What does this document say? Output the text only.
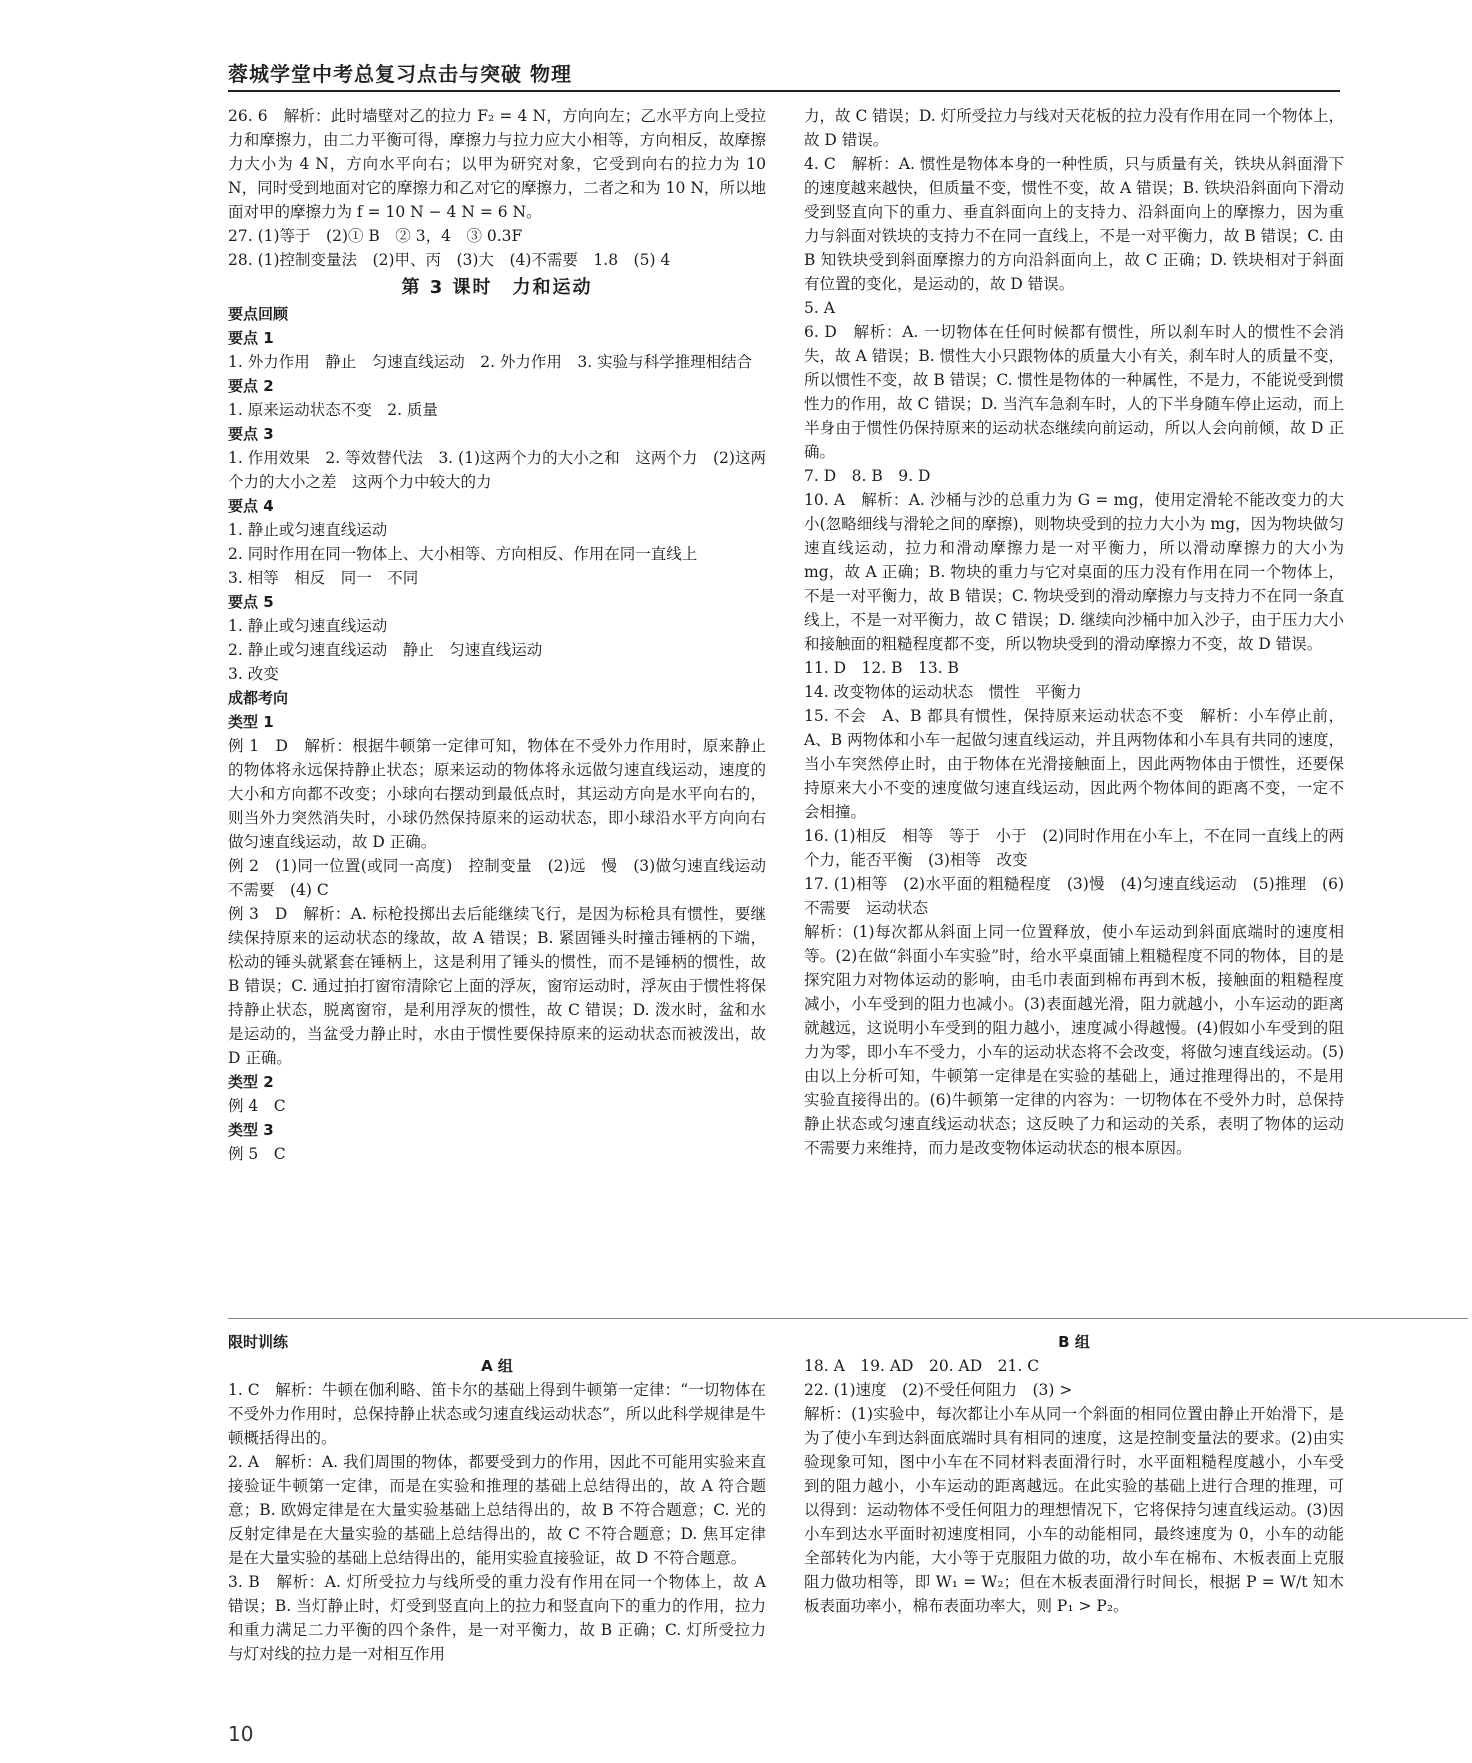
蓉城学堂中考总复习点击与突破 物理

26. 6　解析：此时墙壁对乙的拉力 F₂ = 4 N，方向向左；乙水平方向上受拉力和摩擦力，由二力平衡可得，摩擦力与拉力应大小相等，方向相反，故摩擦力大小为 4 N，方向水平向右；以甲为研究对象，它受到向右的拉力为 10 N，同时受到地面对它的摩擦力和乙对它的摩擦力，二者之和为 10 N，所以地面对甲的摩擦力为 f = 10 N − 4 N = 6 N。

27. (1)等于　(2)① B　② 3，4　③ 0.3F

28. (1)控制变量法　(2)甲、丙　(3)大　(4)不需要　1.8　(5) 4

第 3 课时　力和运动

要点回顾

要点 1

1. 外力作用　静止　匀速直线运动　2. 外力作用　3. 实验与科学推理相结合

要点 2

1. 原来运动状态不变　2. 质量

要点 3

1. 作用效果　2. 等效替代法　3. (1)这两个力的大小之和　这两个力　(2)这两个力的大小之差　这两个力中较大的力

要点 4

1. 静止或匀速直线运动

2. 同时作用在同一物体上、大小相等、方向相反、作用在同一直线上

3. 相等　相反　同一　不同

要点 5

1. 静止或匀速直线运动

2. 静止或匀速直线运动　静止　匀速直线运动

3. 改变

成都考向

类型 1

例 1　D　解析：根据牛顿第一定律可知，物体在不受外力作用时，原来静止的物体将永远保持静止状态；原来运动的物体将永远做匀速直线运动，速度的大小和方向都不改变；小球向右摆动到最低点时，其运动方向是水平向右的，则当外力突然消失时，小球仍然保持原来的运动状态，即小球沿水平方向向右做匀速直线运动，故 D 正确。

例 2　(1)同一位置(或同一高度)　控制变量　(2)远　慢　(3)做匀速直线运动　不需要　(4) C

例 3　D　解析：A. 标枪投掷出去后能继续飞行，是因为标枪具有惯性，要继续保持原来的运动状态的缘故，故 A 错误；B. 紧固锤头时撞击锤柄的下端，松动的锤头就紧套在锤柄上，这是利用了锤头的惯性，而不是锤柄的惯性，故 B 错误；C. 通过拍打窗帘清除它上面的浮灰，窗帘运动时，浮灰由于惯性将保持静止状态，脱离窗帘，是利用浮灰的惯性，故 C 错误；D. 泼水时，盆和水是运动的，当盆受力静止时，水由于惯性要保持原来的运动状态而被泼出，故 D 正确。

类型 2

例 4　C

类型 3

例 5　C

力，故 C 错误；D. 灯所受拉力与线对天花板的拉力没有作用在同一个物体上，故 D 错误。

4. C　解析：A. 惯性是物体本身的一种性质，只与质量有关，铁块从斜面滑下的速度越来越快，但质量不变，惯性不变，故 A 错误；B. 铁块沿斜面向下滑动受到竖直向下的重力、垂直斜面向上的支持力、沿斜面向上的摩擦力，因为重力与斜面对铁块的支持力不在同一直线上，不是一对平衡力，故 B 错误；C. 由 B 知铁块受到斜面摩擦力的方向沿斜面向上，故 C 正确；D. 铁块相对于斜面有位置的变化，是运动的，故 D 错误。

5. A

6. D　解析：A. 一切物体在任何时候都有惯性，所以刹车时人的惯性不会消失，故 A 错误；B. 惯性大小只跟物体的质量大小有关，刹车时人的质量不变，所以惯性不变，故 B 错误；C. 惯性是物体的一种属性，不是力，不能说受到惯性力的作用，故 C 错误；D. 当汽车急刹车时，人的下半身随车停止运动，而上半身由于惯性仍保持原来的运动状态继续向前运动，所以人会向前倾，故 D 正确。

7. D　8. B　9. D

10. A　解析：A. 沙桶与沙的总重力为 G = mg，使用定滑轮不能改变力的大小(忽略细线与滑轮之间的摩擦)，则物块受到的拉力大小为 mg，因为物块做匀速直线运动，拉力和滑动摩擦力是一对平衡力，所以滑动摩擦力的大小为 mg，故 A 正确；B. 物块的重力与它对桌面的压力没有作用在同一个物体上，不是一对平衡力，故 B 错误；C. 物块受到的滑动摩擦力与支持力不在同一条直线上，不是一对平衡力，故 C 错误；D. 继续向沙桶中加入沙子，由于压力大小和接触面的粗糙程度都不变，所以物块受到的滑动摩擦力不变，故 D 错误。

11. D　12. B　13. B

14. 改变物体的运动状态　惯性　平衡力

15. 不会　A、B 都具有惯性，保持原来运动状态不变　解析：小车停止前，A、B 两物体和小车一起做匀速直线运动，并且两物体和小车具有共同的速度，当小车突然停止时，由于物体在光滑接触面上，因此两物体由于惯性，还要保持原来大小不变的速度做匀速直线运动，因此两个物体间的距离不变，一定不会相撞。

16. (1)相反　相等　等于　小于　(2)同时作用在小车上，不在同一直线上的两个力，能否平衡　(3)相等　改变

17. (1)相等　(2)水平面的粗糙程度　(3)慢　(4)匀速直线运动　(5)推理　(6)不需要　运动状态

解析：(1)每次都从斜面上同一位置释放，使小车运动到斜面底端时的速度相等。(2)在做“斜面小车实验”时，给水平桌面铺上粗糙程度不同的物体，目的是探究阻力对物体运动的影响，由毛巾表面到棉布再到木板，接触面的粗糙程度减小，小车受到的阻力也减小。(3)表面越光滑，阻力就越小，小车运动的距离就越远，这说明小车受到的阻力越小，速度减小得越慢。(4)假如小车受到的阻力为零，即小车不受力，小车的运动状态将不会改变，将做匀速直线运动。(5)由以上分析可知，牛顿第一定律是在实验的基础上，通过推理得出的，不是用实验直接得出的。(6)牛顿第一定律的内容为：一切物体在不受外力时，总保持静止状态或匀速直线运动状态；这反映了力和运动的关系，表明了物体的运动不需要力来维持，而力是改变物体运动状态的根本原因。

限时训练

A 组

1. C　解析：牛顿在伽利略、笛卡尔的基础上得到牛顿第一定律：“一切物体在不受外力作用时，总保持静止状态或匀速直线运动状态”，所以此科学规律是牛顿概括得出的。

2. A　解析：A. 我们周围的物体，都要受到力的作用，因此不可能用实验来直接验证牛顿第一定律，而是在实验和推理的基础上总结得出的，故 A 符合题意；B. 欧姆定律是在大量实验基础上总结得出的，故 B 不符合题意；C. 光的反射定律是在大量实验的基础上总结得出的，故 C 不符合题意；D. 焦耳定律是在大量实验的基础上总结得出的，能用实验直接验证，故 D 不符合题意。

3. B　解析：A. 灯所受拉力与线所受的重力没有作用在同一个物体上，故 A 错误；B. 当灯静止时，灯受到竖直向上的拉力和竖直向下的重力的作用，拉力和重力满足二力平衡的四个条件，是一对平衡力，故 B 正确；C. 灯所受拉力与灯对线的拉力是一对相互作用

B 组

18. A　19. AD　20. AD　21. C

22. (1)速度　(2)不受任何阻力　(3) >

解析：(1)实验中，每次都让小车从同一个斜面的相同位置由静止开始滑下，是为了使小车到达斜面底端时具有相同的速度，这是控制变量法的要求。(2)由实验现象可知，图中小车在不同材料表面滑行时，水平面粗糙程度越小，小车受到的阻力越小，小车运动的距离越远。在此实验的基础上进行合理的推理，可以得到：运动物体不受任何阻力的理想情况下，它将保持匀速直线运动。(3)因小车到达水平面时初速度相同，小车的动能相同，最终速度为 0，小车的动能全部转化为内能，大小等于克服阻力做的功，故小车在棉布、木板表面上克服阻力做功相等，即 W₁ = W₂；但在木板表面滑行时间长，根据 P = W/t 知木板表面功率小，棉布表面功率大，则 P₁ > P₂。

10
